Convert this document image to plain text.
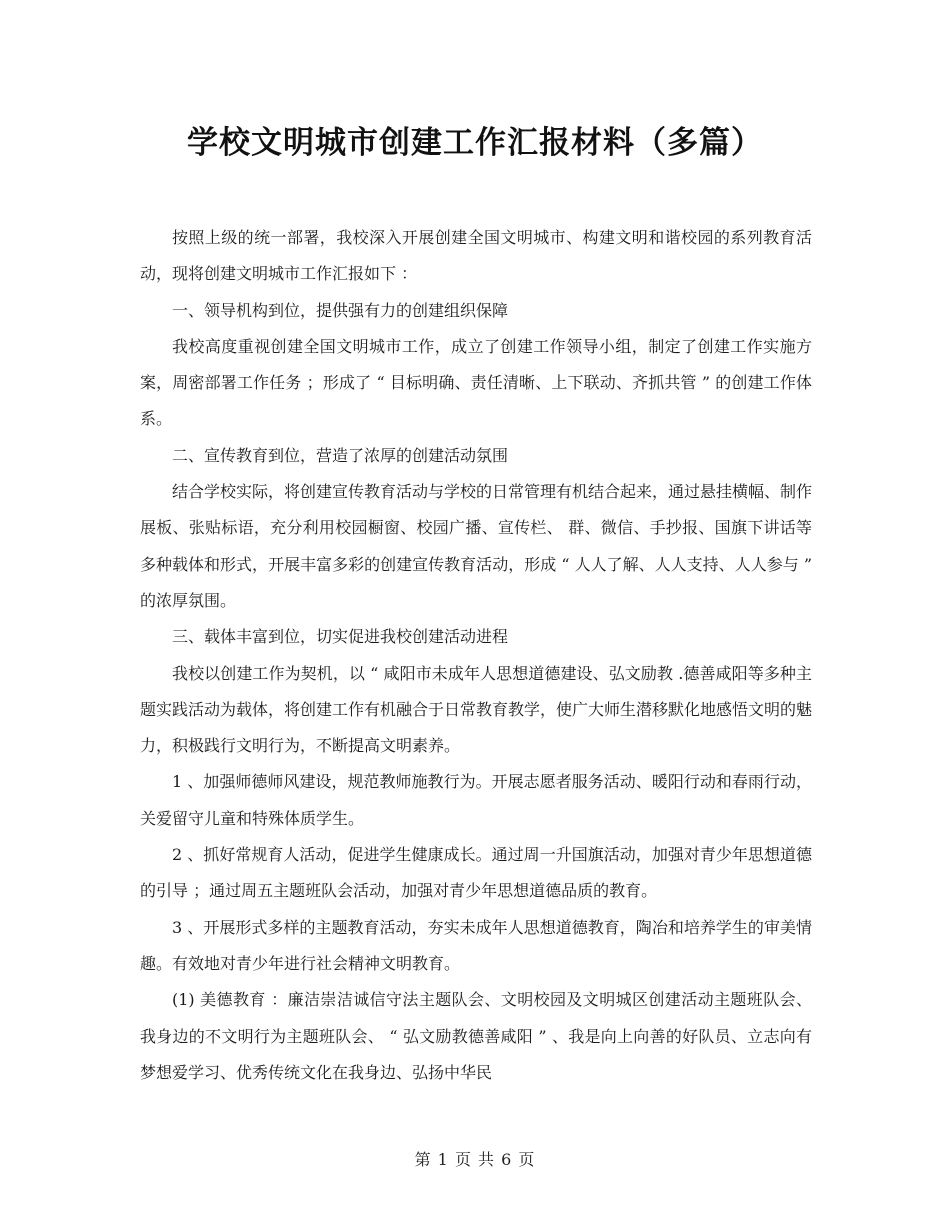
学校文明城市创建工作汇报材料（多篇）

按照上级的统一部署，我校深入开展创建全国文明城市、构建文明和谐校园的系列教育活动，现将创建文明城市工作汇报如下 ：

一、领导机构到位，提供强有力的创建组织保障

我校高度重视创建全国文明城市工作，成立了创建工作领导小组，制定了创建工作实施方案，周密部署工作任务 ；形成了 “ 目标明确、责任清晰、上下联动、齐抓共管 ” 的创建工作体系。

二、宣传教育到位，营造了浓厚的创建活动氛围

结合学校实际，将创建宣传教育活动与学校的日常管理有机结合起来，通过悬挂横幅、制作展板、张贴标语，充分利用校园橱窗、校园广播、宣传栏、 群、微信、手抄报、国旗下讲话等多种载体和形式，开展丰富多彩的创建宣传教育活动，形成 “ 人人了解、人人支持、人人参与 ” 的浓厚氛围。

三、载体丰富到位，切实促进我校创建活动进程

我校以创建工作为契机，以 “ 咸阳市未成年人思想道德建设、弘文励教 .德善咸阳等多种主题实践活动为载体，将创建工作有机融合于日常教育教学，使广大师生潜移默化地感悟文明的魅力，积极践行文明行为，不断提高文明素养。

1 、加强师德师风建设，规范教师施教行为。开展志愿者服务活动、暖阳行动和春雨行动，关爱留守儿童和特殊体质学生。

2 、抓好常规育人活动，促进学生健康成长。通过周一升国旗活动，加强对青少年思想道德的引导 ；通过周五主题班队会活动，加强对青少年思想道德品质的教育。

3 、开展形式多样的主题教育活动，夯实未成年人思想道德教育，陶冶和培养学生的审美情趣。有效地对青少年进行社会精神文明教育。

(1) 美德教育 ：廉洁崇洁诚信守法主题队会、文明校园及文明城区创建活动主题班队会、我身边的不文明行为主题班队会、 “ 弘文励教德善咸阳 ” 、我是向上向善的好队员、立志向有梦想爱学习、优秀传统文化在我身边、弘扬中华民

第 1 页 共 6 页
